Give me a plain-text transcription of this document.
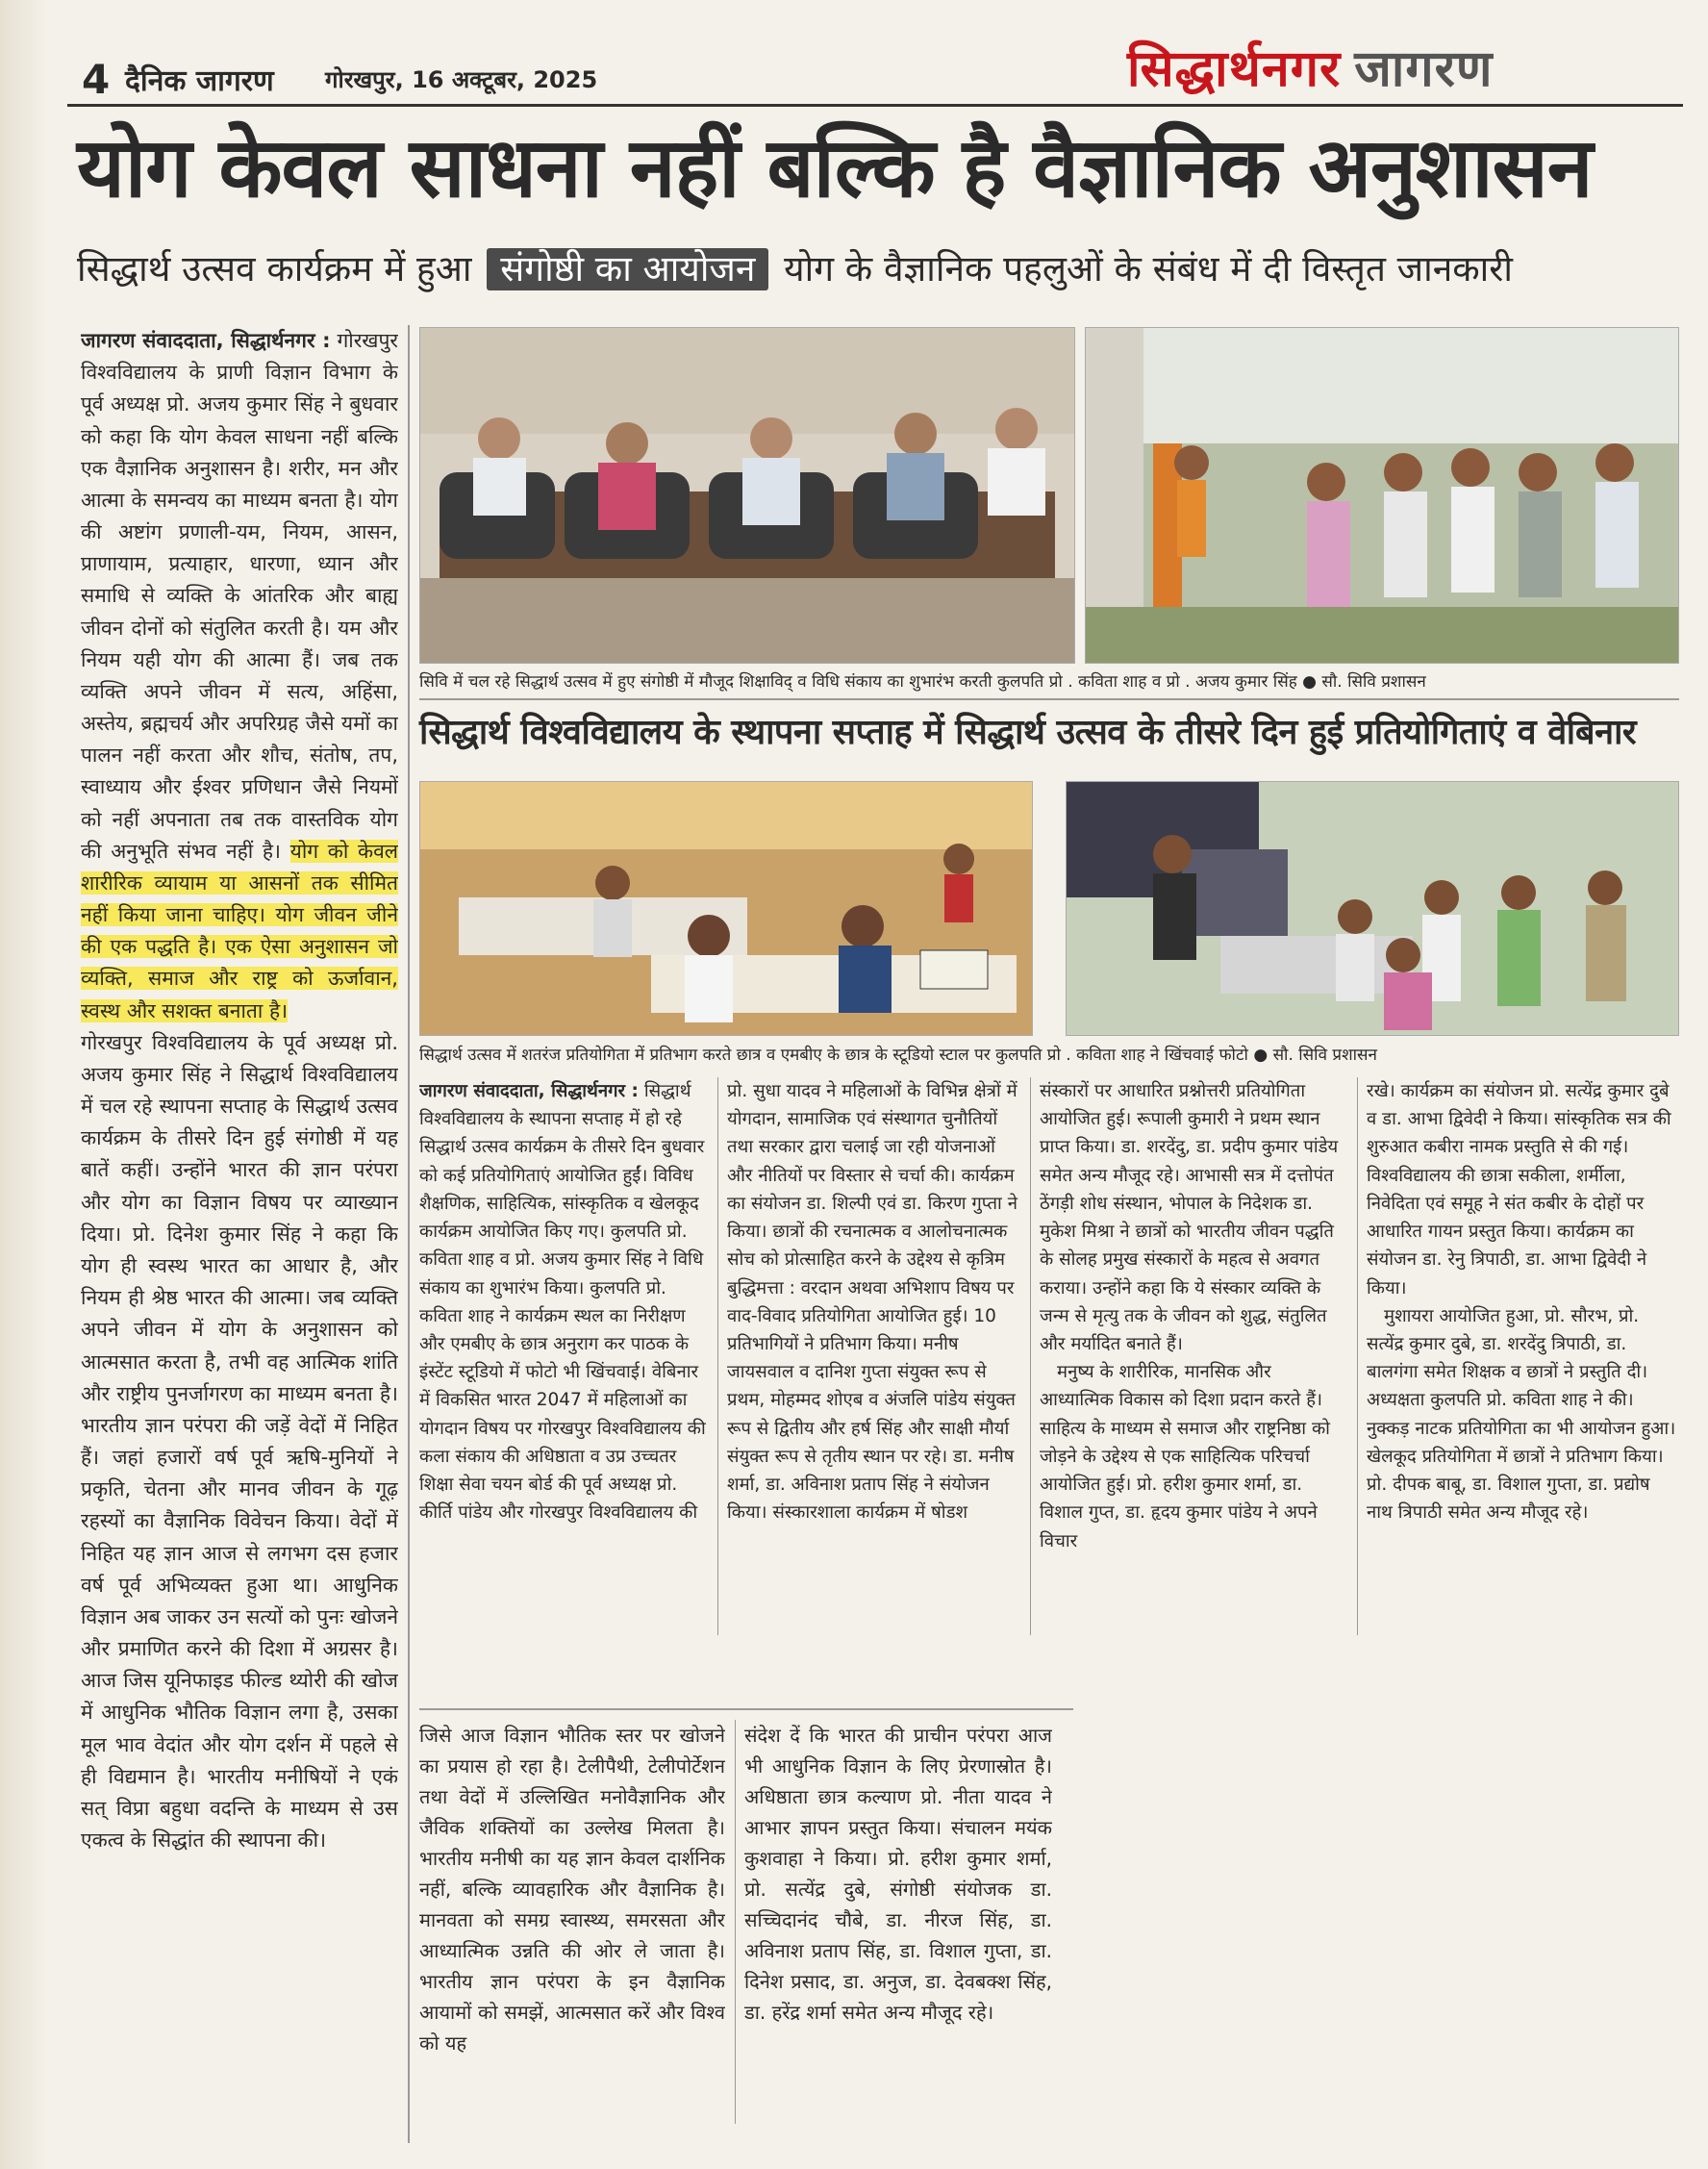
4 दैनिक जागरण गोरखपुर, 16 अक्टूबर, 2025	सिद्धार्थनगर जागरण
योग केवल साधना नहीं बल्कि है वैज्ञानिक अनुशासन
सिद्धार्थ उत्सव कार्यक्रम में हुआ संगोष्ठी का आयोजन योग के वैज्ञानिक पहलुओं के संबंध में दी विस्तृत जानकारी

जागरण संवाददाता, सिद्धार्थनगर : गोरखपुर विश्वविद्यालय के प्राणी विज्ञान विभाग के पूर्व अध्यक्ष प्रो. अजय कुमार सिंह ने बुधवार को कहा कि योग केवल साधना नहीं बल्कि एक वैज्ञानिक अनुशासन है। शरीर, मन और आत्मा के समन्वय का माध्यम बनता है। योग की अष्टांग प्रणाली-यम, नियम, आसन, प्राणायाम, प्रत्याहार, धारणा, ध्यान और समाधि से व्यक्ति के आंतरिक और बाह्य जीवन दोनों को संतुलित करती है। यम और नियम यही योग की आत्मा हैं। जब तक व्यक्ति अपने जीवन में सत्य, अहिंसा, अस्तेय, ब्रह्मचर्य और अपरिग्रह जैसे यमों का पालन नहीं करता और शौच, संतोष, तप, स्वाध्याय और ईश्वर प्रणिधान जैसे नियमों को नहीं अपनाता तब तक वास्तविक योग की अनुभूति संभव नहीं है। योग को केवल शारीरिक व्यायाम या आसनों तक सीमित नहीं किया जाना चाहिए। योग जीवन जीने की एक पद्धति है। एक ऐसा अनुशासन जो व्यक्ति, समाज और राष्ट्र को ऊर्जावान, स्वस्थ और सशक्त बनाता है।

गोरखपुर विश्वविद्यालय के पूर्व अध्यक्ष प्रो. अजय कुमार सिंह ने सिद्धार्थ विश्वविद्यालय में चल रहे स्थापना सप्ताह के सिद्धार्थ उत्सव कार्यक्रम के तीसरे दिन हुई संगोष्ठी में यह बातें कहीं। उन्होंने भारत की ज्ञान परंपरा और योग का विज्ञान विषय पर व्याख्यान दिया। प्रो. दिनेश कुमार सिंह ने कहा कि योग ही स्वस्थ भारत का आधार है, और नियम ही श्रेष्ठ भारत की आत्मा। जब व्यक्ति अपने जीवन में योग के अनुशासन को आत्मसात करता है, तभी वह आत्मिक शांति और राष्ट्रीय पुनर्जागरण का माध्यम बनता है। भारतीय ज्ञान परंपरा की जड़ें वेदों में निहित हैं। जहां हजारों वर्ष पूर्व ऋषि-मुनियों ने प्रकृति, चेतना और मानव जीवन के गूढ़ रहस्यों का वैज्ञानिक विवेचन किया। वेदों में निहित यह ज्ञान आज से लगभग दस हजार वर्ष पूर्व अभिव्यक्त हुआ था। आधुनिक विज्ञान अब जाकर उन सत्यों को पुनः खोजने और प्रमाणित करने की दिशा में अग्रसर है। आज जिस यूनिफाइड फील्ड थ्योरी की खोज में आधुनिक भौतिक विज्ञान लगा है, उसका मूल भाव वेदांत और योग दर्शन में पहले से ही विद्यमान है। भारतीय मनीषियों ने एकं सत् विप्रा बहुधा वदन्ति के माध्यम से उस एकत्व के सिद्धांत की स्थापना की।

सिवि में चल रहे सिद्धार्थ उत्सव में हुए संगोष्ठी में मौजूद शिक्षाविद् व विधि संकाय का शुभारंभ करती कुलपति प्रो . कविता शाह व प्रो . अजय कुमार सिंह ● सौ. सिवि प्रशासन
सिद्धार्थ विश्वविद्यालय के स्थापना सप्ताह में सिद्धार्थ उत्सव के तीसरे दिन हुई प्रतियोगिताएं व वेबिनार
सिद्धार्थ उत्सव में शतरंज प्रतियोगिता में प्रतिभाग करते छात्र व एमबीए के छात्र के स्टूडियो स्टाल पर कुलपति प्रो . कविता शाह ने खिंचवाई फोटो ● सौ. सिवि प्रशासन
जागरण संवाददाता, सिद्धार्थनगर : सिद्धार्थ विश्वविद्यालय के स्थापना सप्ताह में हो रहे सिद्धार्थ उत्सव कार्यक्रम के तीसरे दिन बुधवार को कई प्रतियोगिताएं आयोजित हुईं। विविध शैक्षणिक, साहित्यिक, सांस्कृतिक व खेलकूद कार्यक्रम आयोजित किए गए। कुलपति प्रो. कविता शाह व प्रो. अजय कुमार सिंह ने विधि संकाय का शुभारंभ किया। कुलपति प्रो. कविता शाह ने कार्यक्रम स्थल का निरीक्षण और एमबीए के छात्र अनुराग कर पाठक के इंस्टेंट स्टूडियो में फोटो भी खिंचवाई। वेबिनार में विकसित भारत 2047 में महिलाओं का योगदान विषय पर गोरखपुर विश्वविद्यालय की कला संकाय की अधिष्ठाता व उप्र उच्चतर शिक्षा सेवा चयन बोर्ड की पूर्व अध्यक्ष प्रो. कीर्ति पांडेय और गोरखपुर विश्वविद्यालय की
प्रो. सुधा यादव ने महिलाओं के विभिन्न क्षेत्रों में योगदान, सामाजिक एवं संस्थागत चुनौतियों तथा सरकार द्वारा चलाई जा रही योजनाओं और नीतियों पर विस्तार से चर्चा की। कार्यक्रम का संयोजन डा. शिल्पी एवं डा. किरण गुप्ता ने किया। छात्रों की रचनात्मक व आलोचनात्मक सोच को प्रोत्साहित करने के उद्देश्य से कृत्रिम बुद्धिमत्ता : वरदान अथवा अभिशाप विषय पर वाद-विवाद प्रतियोगिता आयोजित हुई। 10 प्रतिभागियों ने प्रतिभाग किया। मनीष जायसवाल व दानिश गुप्ता संयुक्त रूप से प्रथम, मोहम्मद शोएब व अंजलि पांडेय संयुक्त रूप से द्वितीय और हर्ष सिंह और साक्षी मौर्या संयुक्त रूप से तृतीय स्थान पर रहे। डा. मनीष शर्मा, डा. अविनाश प्रताप सिंह ने संयोजन किया। संस्कारशाला कार्यक्रम में षोडश

संस्कारों पर आधारित प्रश्नोत्तरी प्रतियोगिता आयोजित हुई। रूपाली कुमारी ने प्रथम स्थान प्राप्त किया। डा. शरदेंदु, डा. प्रदीप कुमार पांडेय समेत अन्य मौजूद रहे। आभासी सत्र में दत्तोपंत ठेंगड़ी शोध संस्थान, भोपाल के निदेशक डा. मुकेश मिश्रा ने छात्रों को भारतीय जीवन पद्धति के सोलह प्रमुख संस्कारों के महत्व से अवगत कराया। उन्होंने कहा कि ये संस्कार व्यक्ति के जन्म से मृत्यु तक के जीवन को शुद्ध, संतुलित और मर्यादित बनाते हैं।

मनुष्य के शारीरिक, मानसिक और आध्यात्मिक विकास को दिशा प्रदान करते हैं। साहित्य के माध्यम से समाज और राष्ट्रनिष्ठा को जोड़ने के उद्देश्य से एक साहित्यिक परिचर्चा आयोजित हुई। प्रो. हरीश कुमार शर्मा, डा. विशाल गुप्त, डा. हृदय कुमार पांडेय ने अपने विचार

रखे। कार्यक्रम का संयोजन प्रो. सत्येंद्र कुमार दुबे व डा. आभा द्विवेदी ने किया। सांस्कृतिक सत्र की शुरुआत कबीरा नामक प्रस्तुति से की गई। विश्वविद्यालय की छात्रा सकीला, शर्मीला, निवेदिता एवं समूह ने संत कबीर के दोहों पर आधारित गायन प्रस्तुत किया। कार्यक्रम का संयोजन डा. रेनु त्रिपाठी, डा. आभा द्विवेदी ने किया।

मुशायरा आयोजित हुआ, प्रो. सौरभ, प्रो. सत्येंद्र कुमार दुबे, डा. शरदेंदु त्रिपाठी, डा. बालगंगा समेत शिक्षक व छात्रों ने प्रस्तुति दी। अध्यक्षता कुलपति प्रो. कविता शाह ने की। नुक्कड़ नाटक प्रतियोगिता का भी आयोजन हुआ। खेलकूद प्रतियोगिता में छात्रों ने प्रतिभाग किया। प्रो. दीपक बाबू, डा. विशाल गुप्ता, डा. प्रद्योष नाथ त्रिपाठी समेत अन्य मौजूद रहे।

जिसे आज विज्ञान भौतिक स्तर पर खोजने का प्रयास हो रहा है। टेलीपैथी, टेलीपोर्टेशन तथा वेदों में उल्लिखित मनोवैज्ञानिक और जैविक शक्तियों का उल्लेख मिलता है। भारतीय मनीषी का यह ज्ञान केवल दार्शनिक नहीं, बल्कि व्यावहारिक और वैज्ञानिक है। मानवता को समग्र स्वास्थ्य, समरसता और आध्यात्मिक उन्नति की ओर ले जाता है। भारतीय ज्ञान परंपरा के इन वैज्ञानिक आयामों को समझें, आत्मसात करें और विश्व को यह
संदेश दें कि भारत की प्राचीन परंपरा आज भी आधुनिक विज्ञान के लिए प्रेरणास्रोत है। अधिष्ठाता छात्र कल्याण प्रो. नीता यादव ने आभार ज्ञापन प्रस्तुत किया। संचालन मयंक कुशवाहा ने किया। प्रो. हरीश कुमार शर्मा, प्रो. सत्येंद्र दुबे, संगोष्ठी संयोजक डा. सच्चिदानंद चौबे, डा. नीरज सिंह, डा. अविनाश प्रताप सिंह, डा. विशाल गुप्ता, डा. दिनेश प्रसाद, डा. अनुज, डा. देवबक्श सिंह, डा. हरेंद्र शर्मा समेत अन्य मौजूद रहे।
